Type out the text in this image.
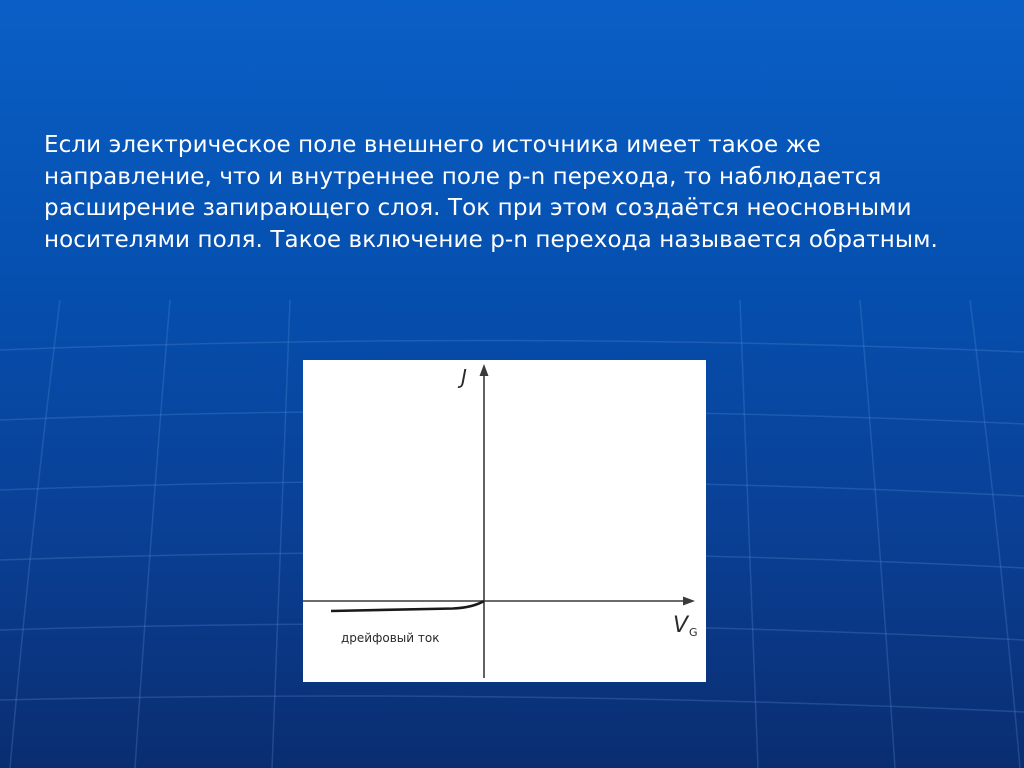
Если электрическое поле внешнего источника имеет такое же направление, что и внутреннее поле p-n перехода, то наблюдается расширение запирающего слоя. Ток при этом создаётся неосновными носителями поля. Такое включение p-n перехода называется обратным.

J
V G
дрейфовый ток
